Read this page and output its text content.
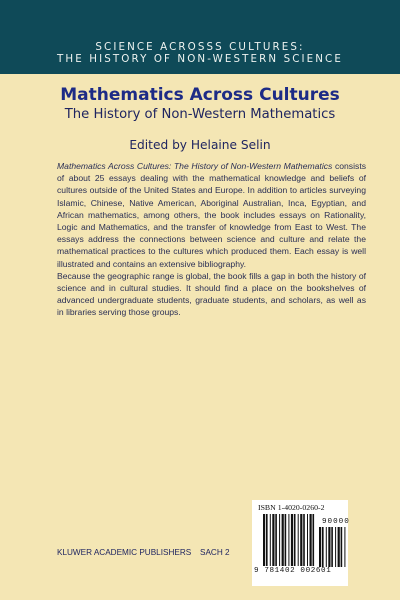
SCIENCE ACROSSS CULTURES:
THE HISTORY OF NON-WESTERN SCIENCE
Mathematics Across Cultures
The History of Non-Western Mathematics
Edited by Helaine Selin

Mathematics Across Cultures: The History of Non-Western Mathematics consists of about 25 essays dealing with the mathematical knowledge and beliefs of cultures outside of the United States and Europe. In addition to articles surveying Islamic, Chinese, Native American, Aboriginal Australian, Inca, Egyptian, and African mathematics, among others, the book includes essays on Rationality, Logic and Mathematics, and the transfer of knowledge from East to West. The essays address the connections between science and culture and relate the mathematical practices to the cultures which produced them. Each essay is well illustrated and contains an extensive bibliography.

Because the geographic range is global, the book fills a gap in both the history of science and in cultural studies. It should find a place on the bookshelves of advanced undergraduate students, graduate students, and scholars, as well as in libraries serving those groups.

ISBN 1-4020-0260-2
90000
9 781402 002601
KLUWER ACADEMIC PUBLISHERS SACH 2
